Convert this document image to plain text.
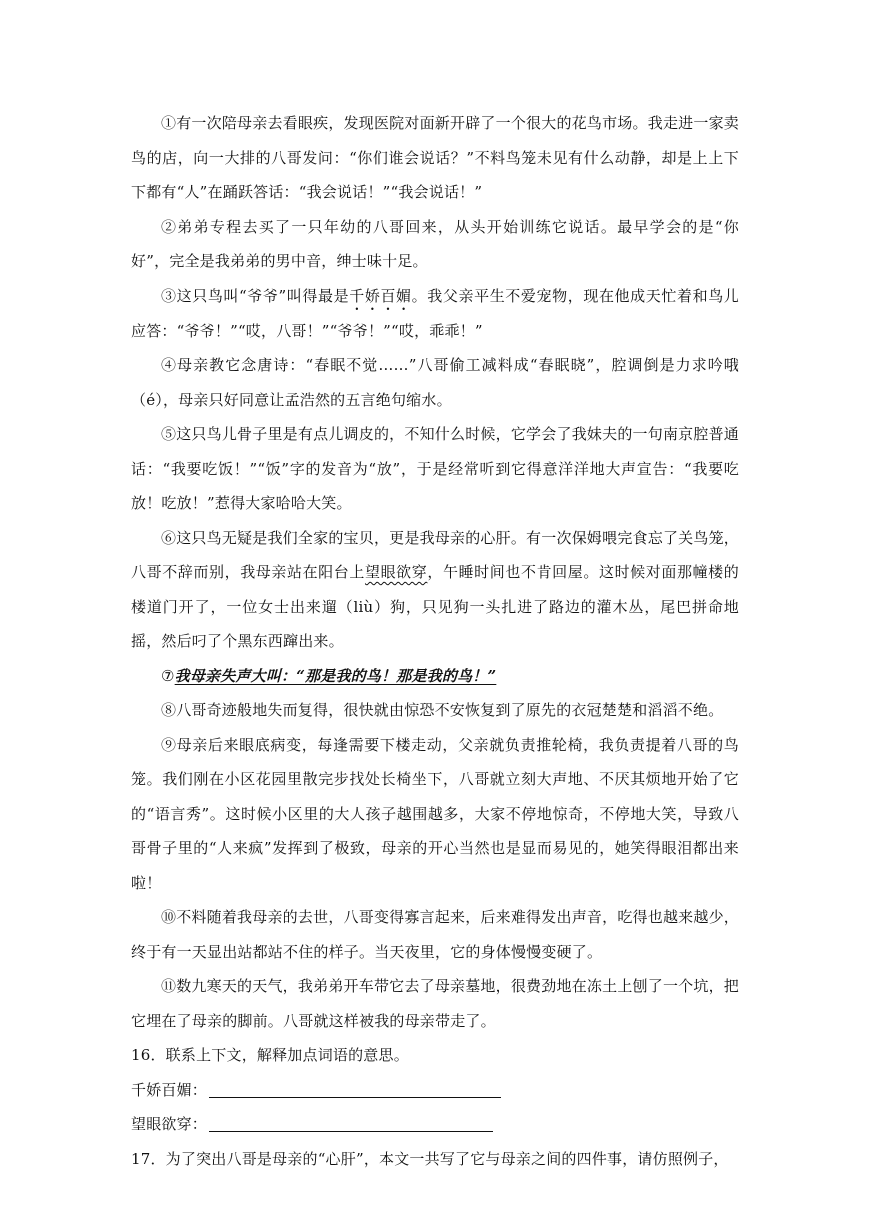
①有一次陪母亲去看眼疾，发现医院对面新开辟了一个很大的花鸟市场。我走进一家卖鸟的店，向一大排的八哥发问：“你们谁会说话？”不料鸟笼未见有什么动静，却是上上下下都有“人”在踊跃答话：“我会说话！”“我会说话！”

②弟弟专程去买了一只年幼的八哥回来，从头开始训练它说话。最早学会的是“你好”，完全是我弟弟的男中音，绅士味十足。

③这只鸟叫“爷爷”叫得最是千娇百媚。我父亲平生不爱宠物，现在他成天忙着和鸟儿应答：“爷爷！”“哎，八哥！”“爷爷！”“哎，乖乖！”

④母亲教它念唐诗：“春眠不觉……”八哥偷工减料成“春眠晓”，腔调倒是力求吟哦（é），母亲只好同意让孟浩然的五言绝句缩水。

⑤这只鸟儿骨子里是有点儿调皮的，不知什么时候，它学会了我妹夫的一句南京腔普通话：“我要吃饭！”“饭”字的发音为“放”，于是经常听到它得意洋洋地大声宣告：“我要吃放！吃放！”惹得大家哈哈大笑。

⑥这只鸟无疑是我们全家的宝贝，更是我母亲的心肝。有一次保姆喂完食忘了关鸟笼，八哥不辞而别，我母亲站在阳台上望眼欲穿，午睡时间也不肯回屋。这时候对面那幢楼的楼道门开了，一位女士出来遛（liù）狗，只见狗一头扎进了路边的灌木丛，尾巴拼命地摇，然后叼了个黑东西蹿出来。

⑦我母亲失声大叫：“那是我的鸟！那是我的鸟！”

⑧八哥奇迹般地失而复得，很快就由惊恐不安恢复到了原先的衣冠楚楚和滔滔不绝。

⑨母亲后来眼底病变，每逢需要下楼走动，父亲就负责推轮椅，我负责提着八哥的鸟笼。我们刚在小区花园里散完步找处长椅坐下，八哥就立刻大声地、不厌其烦地开始了它的“语言秀”。这时候小区里的大人孩子越围越多，大家不停地惊奇，不停地大笑，导致八哥骨子里的“人来疯”发挥到了极致，母亲的开心当然也是显而易见的，她笑得眼泪都出来啦！

⑩不料随着我母亲的去世，八哥变得寡言起来，后来难得发出声音，吃得也越来越少，终于有一天显出站都站不住的样子。当天夜里，它的身体慢慢变硬了。

⑪数九寒天的天气，我弟弟开车带它去了母亲墓地，很费劲地在冻土上刨了一个坑，把它埋在了母亲的脚前。八哥就这样被我的母亲带走了。

16．联系上下文，解释加点词语的意思。

千娇百媚：

望眼欲穿：

17．为了突出八哥是母亲的“心肝”，本文一共写了它与母亲之间的四件事，请仿照例子，
